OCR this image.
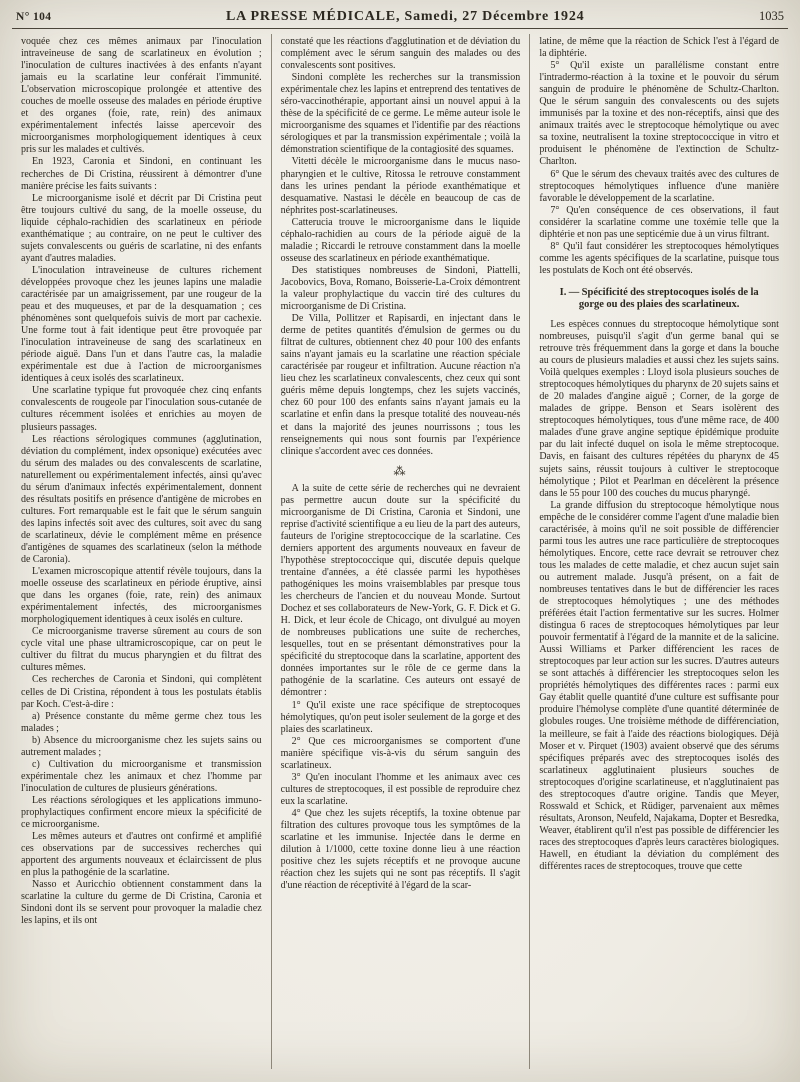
N° 104	LA PRESSE MÉDICALE, Samedi, 27 Décembre 1924	1035

voquée chez ces mêmes animaux par l'inoculation intraveineuse de sang de scarlatineux en évolution ; l'inoculation de cultures inactivées à des enfants n'ayant jamais eu la scarlatine leur conférait l'immunité. L'observation microscopique prolongée et attentive des couches de moelle osseuse des malades en période éruptive et des organes (foie, rate, rein) des animaux expérimentalement infectés laisse apercevoir des microorganismes morphologiquement identiques à ceux pris sur les malades et cultivés.

En 1923, Caronia et Sindoni, en continuant les recherches de Di Cristina, réussirent à démontrer d'une manière précise les faits suivants :

Le microorganisme isolé et décrit par Di Cristina peut être toujours cultivé du sang, de la moelle osseuse, du liquide céphalo-rachidien des scarlatineux en période exanthématique ; au contraire, on ne peut le cultiver des sujets convalescents ou guéris de scarlatine, ni des enfants ayant d'autres maladies.

L'inoculation intraveineuse de cultures richement développées provoque chez les jeunes lapins une maladie caractérisée par un amaigrissement, par une rougeur de la peau et des muqueuses, et par de la desquamation ; ces phénomènes sont quelquefois suivis de mort par cachexie. Une forme tout à fait identique peut être provoquée par l'inoculation intraveineuse de sang des scarlatineux en période aiguë. Dans l'un et dans l'autre cas, la maladie expérimentale est due à l'action de microorganismes identiques à ceux isolés des scarlatineux.

Une scarlatine typique fut provoquée chez cinq enfants convalescents de rougeole par l'inoculation sous-cutanée de cultures récemment isolées et enrichies au moyen de plusieurs passages.

Les réactions sérologiques communes (agglutination, déviation du complément, index opsonique) exécutées avec du sérum des malades ou des convalescents de scarlatine, naturellement ou expérimentalement infectés, ainsi qu'avec du sérum d'animaux infectés expérimentalement, donnent des résultats positifs en présence d'antigène de microbes en cultures. Fort remarquable est le fait que le sérum sanguin des lapins infectés soit avec des cultures, soit avec du sang de scarlatineux, dévie le complément même en présence d'antigènes de squames des scarlatineux (selon la méthode de Caronia).

L'examen microscopique attentif révèle toujours, dans la moelle osseuse des scarlatineux en période éruptive, ainsi que dans les organes (foie, rate, rein) des animaux expérimentalement infectés, des microorganismes morphologiquement identiques à ceux isolés en culture.

Ce microorganisme traverse sûrement au cours de son cycle vital une phase ultramicroscopique, car on peut le cultiver du filtrat du mucus pharyngien et du filtrat des cultures mêmes.

Ces recherches de Caronia et Sindoni, qui complètent celles de Di Cristina, répondent à tous les postulats établis par Koch. C'est-à-dire :

a) Présence constante du même germe chez tous les malades ;

b) Absence du microorganisme chez les sujets sains ou autrement malades ;

c) Cultivation du microorganisme et transmission expérimentale chez les animaux et chez l'homme par l'inoculation de cultures de plusieurs générations.

Les réactions sérologiques et les applications immuno-prophylactiques confirment encore mieux la spécificité de ce microorganisme.

Les mêmes auteurs et d'autres ont confirmé et amplifié ces observations par de successives recherches qui apportent des arguments nouveaux et éclaircissent de plus en plus la pathogénie de la scarlatine.

Nasso et Auricchio obtiennent constamment dans la scarlatine la culture du germe de Di Cristina, Caronia et Sindoni dont ils se servent pour provoquer la maladie chez les lapins, et ils ont

constaté que les réactions d'agglutination et de déviation du complément avec le sérum sanguin des malades ou des convalescents sont positives.

Sindoni complète les recherches sur la transmission expérimentale chez les lapins et entreprend des tentatives de séro-vaccinothérapie, apportant ainsi un nouvel appui à la thèse de la spécificité de ce germe. Le même auteur isole le microorganisme des squames et l'identifie par des réactions sérologiques et par la transmission expérimentale ; voilà la démonstration scientifique de la contagiosité des squames.

Vitetti décèle le microorganisme dans le mucus naso-pharyngien et le cultive, Ritossa le retrouve constamment dans les urines pendant la période exanthématique et desquamative. Nastasi le décèle en beaucoup de cas de néphrites post-scarlatineuses.

Catterucia trouve le microorganisme dans le liquide céphalo-rachidien au cours de la période aiguë de la maladie ; Riccardi le retrouve constamment dans la moelle osseuse des scarlatineux en période exanthématique.

Des statistiques nombreuses de Sindoni, Piattelli, Jacobovics, Bova, Romano, Boisserie-La-Croix démontrent la valeur prophylactique du vaccin tiré des cultures du microorganisme de Di Cristina.

De Villa, Pollitzer et Rapisardi, en injectant dans le derme de petites quantités d'émulsion de germes ou du filtrat de cultures, obtiennent chez 40 pour 100 des enfants sains n'ayant jamais eu la scarlatine une réaction spéciale caractérisée par rougeur et infiltration. Aucune réaction n'a lieu chez les scarlatineux convalescents, chez ceux qui sont guéris même depuis longtemps, chez les sujets vaccinés, chez 60 pour 100 des enfants sains n'ayant jamais eu la scarlatine et enfin dans la presque totalité des nouveau-nés et dans la majorité des jeunes nourrissons ; tous les renseignements qui nous sont fournis par l'expérience clinique s'accordent avec ces données.

⁂

A la suite de cette série de recherches qui ne devraient pas permettre aucun doute sur la spécificité du microorganisme de Di Cristina, Caronia et Sindoni, une reprise d'activité scientifique a eu lieu de la part des auteurs, fauteurs de l'origine streptococcique de la scarlatine. Ces derniers apportent des arguments nouveaux en faveur de l'hypothèse streptococcique qui, discutée depuis quelque trentaine d'années, a été classée parmi les hypothèses pathogéniques les moins vraisemblables par presque tous les chercheurs de l'ancien et du nouveau Monde. Surtout Dochez et ses collaborateurs de New-York, G. F. Dick et G. H. Dick, et leur école de Chicago, ont divulgué au moyen de nombreuses publications une suite de recherches, lesquelles, tout en se présentant démonstratives pour la spécificité du streptocoque dans la scarlatine, apportent des données importantes sur le rôle de ce germe dans la pathogénie de la scarlatine. Ces auteurs ont essayé de démontrer :

1° Qu'il existe une race spécifique de streptocoques hémolytiques, qu'on peut isoler seulement de la gorge et des plaies des scarlatineux.

2° Que ces microorganismes se comportent d'une manière spécifique vis-à-vis du sérum sanguin des scarlatineux.

3° Qu'en inoculant l'homme et les animaux avec ces cultures de streptocoques, il est possible de reproduire chez eux la scarlatine.

4° Que chez les sujets réceptifs, la toxine obtenue par filtration des cultures provoque tous les symptômes de la scarlatine et les immunise. Injectée dans le derme en dilution à 1/1000, cette toxine donne lieu à une réaction positive chez les sujets réceptifs et ne provoque aucune réaction chez les sujets qui ne sont pas réceptifs. Il s'agit d'une réaction de réceptivité à l'égard de la scar-

latine, de même que la réaction de Schick l'est à l'égard de la diphtérie.

5° Qu'il existe un parallélisme constant entre l'intradermo-réaction à la toxine et le pouvoir du sérum sanguin de produire le phénomène de Schultz-Charlton. Que le sérum sanguin des convalescents ou des sujets immunisés par la toxine et des non-réceptifs, ainsi que des animaux traités avec le streptocoque hémolytique ou avec sa toxine, neutralisent la toxine streptococcique in vitro et produisent le phénomène de l'extinction de Schultz-Charlton.

6° Que le sérum des chevaux traités avec des cultures de streptocoques hémolytiques influence d'une manière favorable le développement de la scarlatine.

7° Qu'en conséquence de ces observations, il faut considérer la scarlatine comme une toxémie telle que la diphtérie et non pas une septicémie due à un virus filtrant.

8° Qu'il faut considérer les streptocoques hémolytiques comme les agents spécifiques de la scarlatine, puisque tous les postulats de Koch ont été observés.

I. — Spécificité des streptocoques isolés de la gorge ou des plaies des scarlatineux.

Les espèces connues du streptocoque hémolytique sont nombreuses, puisqu'il s'agit d'un germe banal qui se retrouve très fréquemment dans la gorge et dans la bouche au cours de plusieurs maladies et aussi chez les sujets sains. Voilà quelques exemples : Lloyd isola plusieurs souches de streptocoques hémolytiques du pharynx de 20 sujets sains et de 20 malades d'angine aiguë ; Corner, de la gorge de malades de grippe. Benson et Sears isolèrent des streptocoques hémolytiques, tous d'une même race, de 400 malades d'une grave angine septique épidémique produite par du lait infecté duquel on isola le même streptocoque. Davis, en faisant des cultures répétées du pharynx de 45 sujets sains, réussit toujours à cultiver le streptocoque hémolytique ; Pilot et Pearlman en décelèrent la présence dans le 55 pour 100 des couches du mucus pharyngé.

La grande diffusion du streptocoque hémolytique nous empêche de le considérer comme l'agent d'une maladie bien caractérisée, à moins qu'il ne soit possible de différencier parmi tous les autres une race particulière de streptocoques hémolytiques. Encore, cette race devrait se retrouver chez tous les malades de cette maladie, et chez aucun sujet sain ou autrement malade. Jusqu'à présent, on a fait de nombreuses tentatives dans le but de différencier les races de streptocoques hémolytiques ; une des méthodes préférées était l'action fermentative sur les sucres. Holmer distingua 6 races de streptocoques hémolytiques par leur pouvoir fermentatif à l'égard de la mannite et de la salicine. Aussi Williams et Parker différencient les races de streptocoques par leur action sur les sucres. D'autres auteurs se sont attachés à différencier les streptocoques selon les propriétés hémolytiques des différentes races : parmi eux Gay établit quelle quantité d'une culture est suffisante pour produire l'hémolyse complète d'une quantité déterminée de globules rouges. Une troisième méthode de différenciation, la meilleure, se fait à l'aide des réactions biologiques. Déjà Moser et v. Pirquet (1903) avaient observé que des sérums spécifiques préparés avec des streptocoques isolés des scarlatineux agglutinaient plusieurs souches de streptocoques d'origine scarlatineuse, et n'agglutinaient pas des streptocoques d'autre origine. Tandis que Meyer, Rosswald et Schick, et Rüdiger, parvenaient aux mêmes résultats, Aronson, Neufeld, Najakama, Dopter et Besredka, Weaver, établirent qu'il n'est pas possible de différencier les races des streptocoques d'après leurs caractères biologiques. Hawell, en étudiant la déviation du complément des différentes races de streptocoques, trouve que cette
